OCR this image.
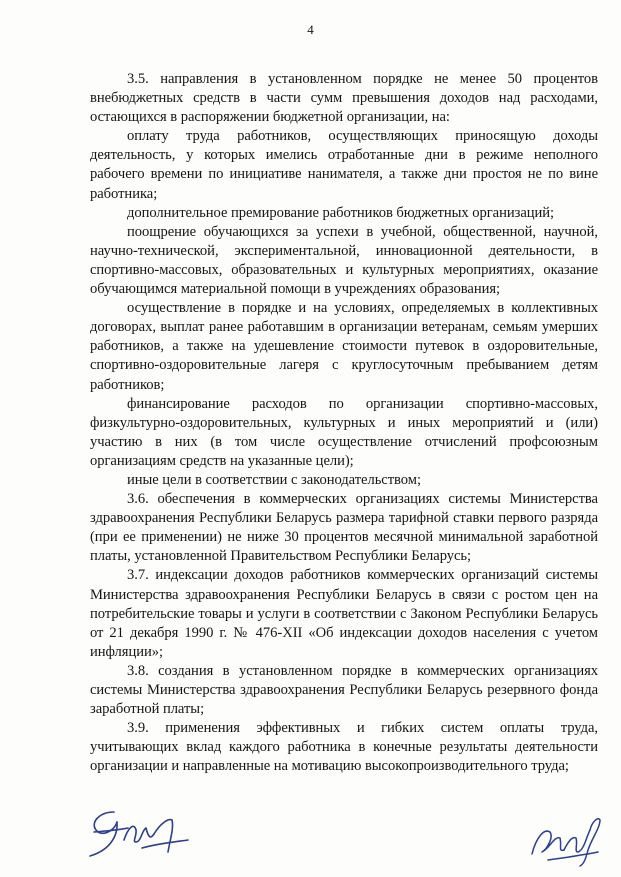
4

3.5. направления в установленном порядке не менее 50 процентов внебюджетных средств в части сумм превышения доходов над расходами, остающихся в распоряжении бюджетной организации, на:

оплату труда работников, осуществляющих приносящую доходы деятельность, у которых имелись отработанные дни в режиме неполного рабочего времени по инициативе нанимателя, а также дни простоя не по вине работника;

дополнительное премирование работников бюджетных организаций;

поощрение обучающихся за успехи в учебной, общественной, научной, научно-технической, экспериментальной, инновационной деятельности, в спортивно-массовых, образовательных и культурных мероприятиях, оказание обучающимся материальной помощи в учреждениях образования;

осуществление в порядке и на условиях, определяемых в коллективных договорах, выплат ранее работавшим в организации ветеранам, семьям умерших работников, а также на удешевление стоимости путевок в оздоровительные, спортивно-оздоровительные лагеря с круглосуточным пребыванием детям работников;

финансирование расходов по организации спортивно-массовых, физкультурно-оздоровительных, культурных и иных мероприятий и (или) участию в них (в том числе осуществление отчислений профсоюзным организациям средств на указанные цели);

иные цели в соответствии с законодательством;

3.6. обеспечения в коммерческих организациях системы Министерства здравоохранения Республики Беларусь размера тарифной ставки первого разряда (при ее применении) не ниже 30 процентов месячной минимальной заработной платы, установленной Правительством Республики Беларусь;

3.7. индексации доходов работников коммерческих организаций системы Министерства здравоохранения Республики Беларусь в связи с ростом цен на потребительские товары и услуги в соответствии с Законом Республики Беларусь от 21 декабря 1990 г. № 476-XII «Об индексации доходов населения с учетом инфляции»;

3.8. создания в установленном порядке в коммерческих организациях системы Министерства здравоохранения Республики Беларусь резервного фонда заработной платы;

3.9. применения эффективных и гибких систем оплаты труда, учитывающих вклад каждого работника в конечные результаты деятельности организации и направленные на мотивацию высокопроизводительного труда;
